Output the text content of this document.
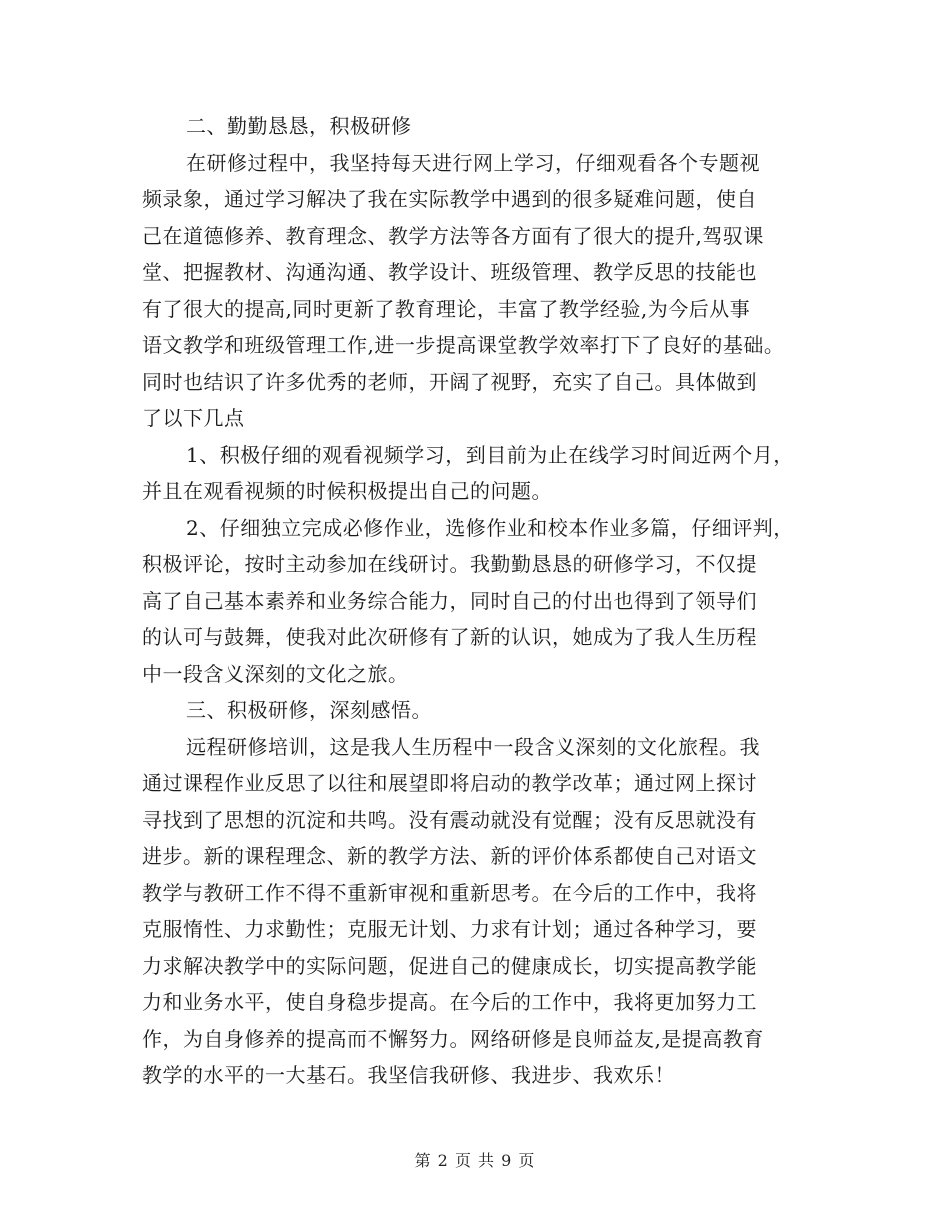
二、勤勤恳恳，积极研修
在研修过程中，我坚持每天进行网上学习，仔细观看各个专题视
频录象，通过学习解决了我在实际教学中遇到的很多疑难问题，使自
己在道德修养、教育理念、教学方法等各方面有了很大的提升,驾驭课
堂、把握教材、沟通沟通、教学设计、班级管理、教学反思的技能也
有了很大的提高,同时更新了教育理论，丰富了教学经验,为今后从事
语文教学和班级管理工作,进一步提高课堂教学效率打下了良好的基础。
同时也结识了许多优秀的老师，开阔了视野，充实了自己。具体做到
了以下几点
1、积极仔细的观看视频学习，到目前为止在线学习时间近两个月，
并且在观看视频的时候积极提出自己的问题。
2、仔细独立完成必修作业，选修作业和校本作业多篇，仔细评判，
积极评论，按时主动参加在线研讨。我勤勤恳恳的研修学习，不仅提
高了自己基本素养和业务综合能力，同时自己的付出也得到了领导们
的认可与鼓舞，使我对此次研修有了新的认识，她成为了我人生历程
中一段含义深刻的文化之旅。
三、积极研修，深刻感悟。
远程研修培训，这是我人生历程中一段含义深刻的文化旅程。我
通过课程作业反思了以往和展望即将启动的教学改革；通过网上探讨
寻找到了思想的沉淀和共鸣。没有震动就没有觉醒；没有反思就没有
进步。新的课程理念、新的教学方法、新的评价体系都使自己对语文
教学与教研工作不得不重新审视和重新思考。在今后的工作中，我将
克服惰性、力求勤性；克服无计划、力求有计划；通过各种学习，要
力求解决教学中的实际问题，促进自己的健康成长，切实提高教学能
力和业务水平，使自身稳步提高。在今后的工作中，我将更加努力工
作，为自身修养的提高而不懈努力。网络研修是良师益友,是提高教育
教学的水平的一大基石。我坚信我研修、我进步、我欢乐！
第 2 页 共 9 页
